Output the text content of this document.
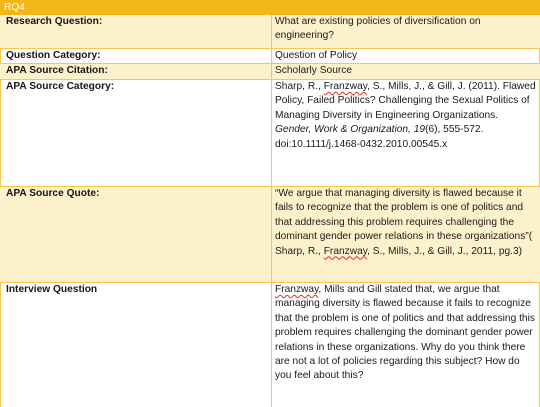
RQ4
Research Question:	What are existing policies of diversification on engineering?
Question Category:	Question of Policy
APA Source Citation:	Scholarly Source
APA Source Category:	Sharp, R., Franzway, S., Mills, J., & Gill, J. (2011). Flawed Policy, Failed Politics? Challenging the Sexual Politics of Managing Diversity in Engineering Organizations. Gender, Work & Organization, 19(6), 555-572. doi:10.1111/j.1468-0432.2010.00545.x
APA Source Quote:	“We argue that managing diversity is flawed because it fails to recognize that the problem is one of politics and that addressing this problem requires challenging the dominant gender power relations in these organizations”( Sharp, R., Franzway, S., Mills, J., & Gill, J., 2011, pg.3)
Interview Question	Franzway, Mills and Gill stated that, we argue that managing diversity is flawed because it fails to recognize that the problem is one of politics and that addressing this problem requires challenging the dominant gender power relations in these organizations. Why do you think there are not a lot of policies regarding this subject? How do you feel about this?
